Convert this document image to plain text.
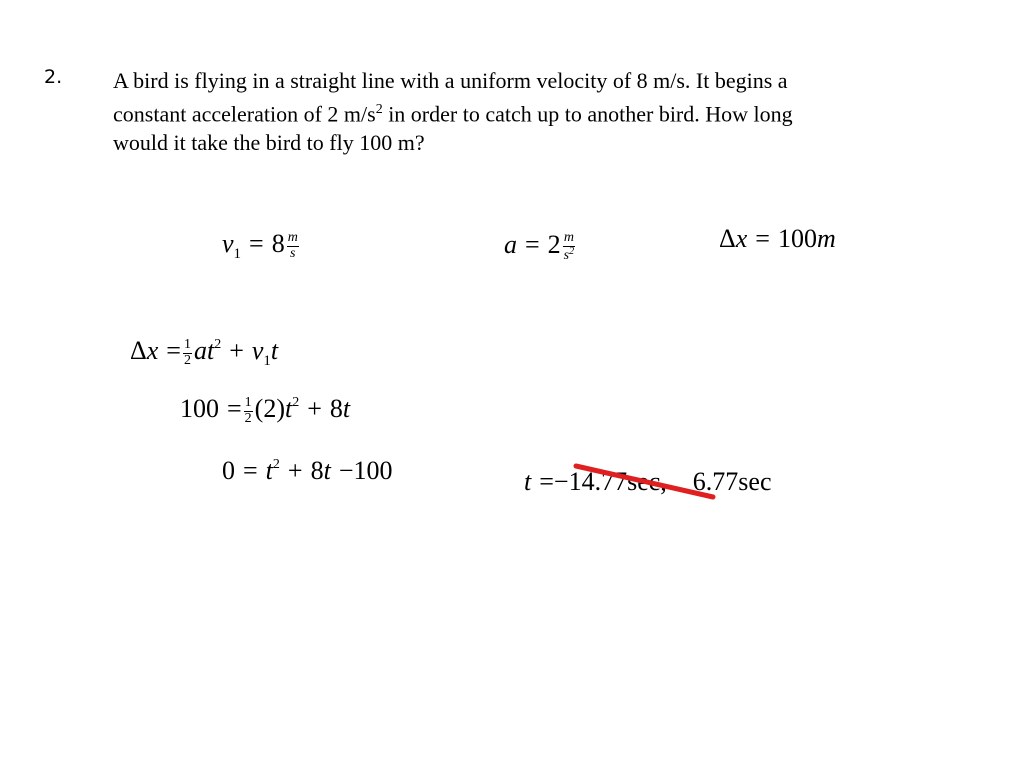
2. A bird is flying in a straight line with a uniform velocity of 8 m/s. It begins a
constant acceleration of 2 $m/s^2$ in order to catch up to another bird. How long
would it take the bird to fly 100 m?
$v_1 = 8 \frac{m}{s}$	$a = 2 \frac{m}{s^2}$	Δx = 100m
$\Delta x = \frac{1}{2} at^2 + v_1t$
$100 = \frac{1}{2} (2)t^2 + 8t$
$0 = t^2 + 8t -100$	t =−14.77sec, 6.77sec
